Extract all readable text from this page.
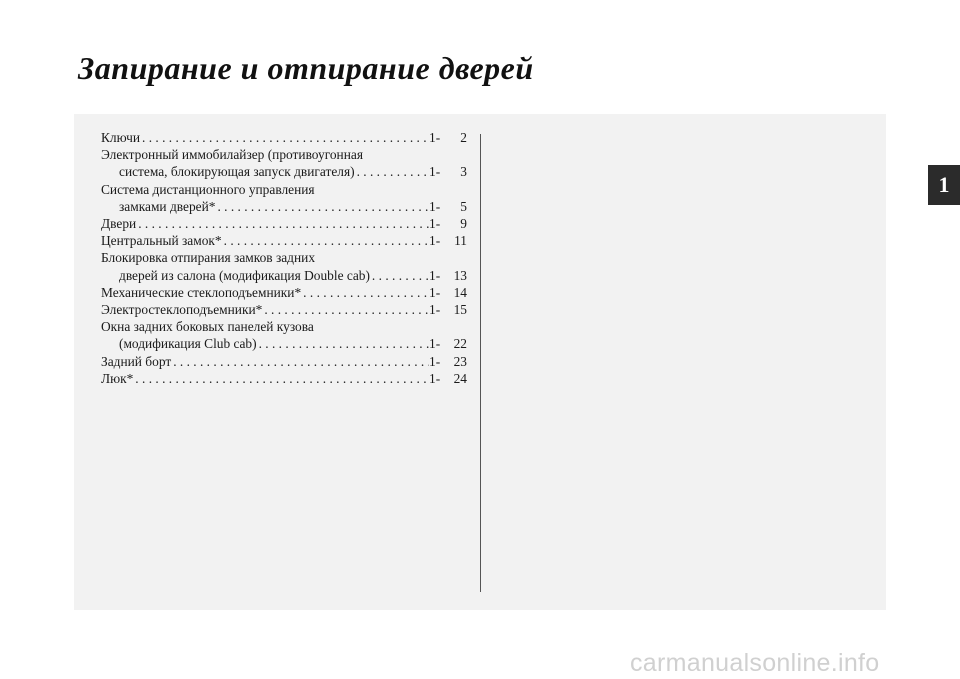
Запирание и отпирание дверей
Ключи . . .	1-	2
Электронный иммобилайзер (противоугонная
система, блокирующая запуск двигателя) . . .	1-	3
Система дистанционного управления
замками дверей* . . .	1-	5
Двери . . .	1-	9
Центральный замок* . . .	1-	11
Блокировка отпирания замков задних
дверей из салона (модификация Double cab) . . .	1-	13
Механические стеклоподъемники* . . .	1-	14
Электростеклоподъемники* . . .	1-	15
Окна задних боковых панелей кузова
(модификация Club cab) . . .	1-	22
Задний борт . . .	1-	23
Люк* . . .	1-	24
1
carmanualsonline.info
